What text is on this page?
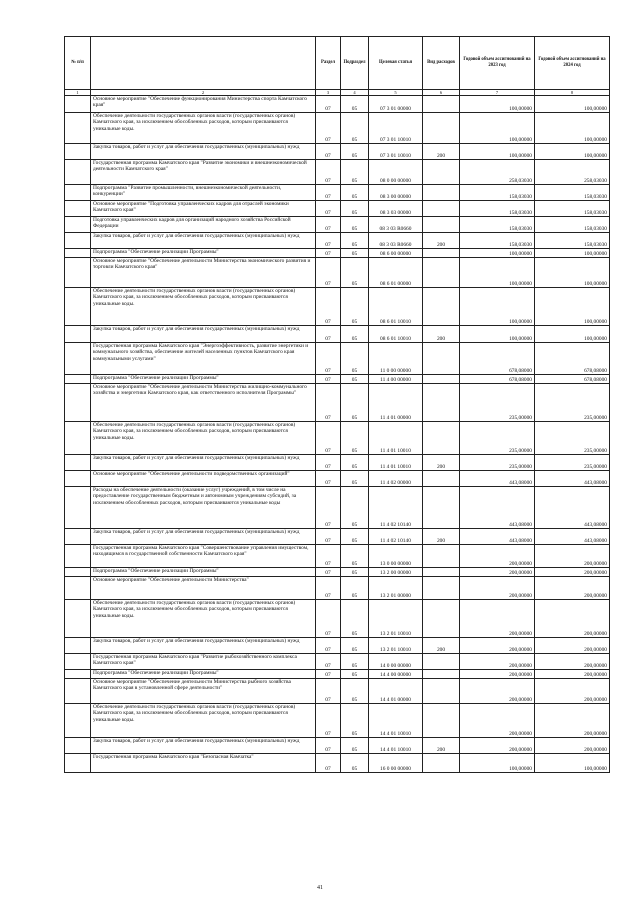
№ п/п		Раздел	Подраздел	Целевая статья	Вид расходов	Годовой объем ассигнований на 2023 год	Годовой объем ассигнований на 2024 год
1	2	3	4	5	6	7	8
	Основное мероприятие "Обеспечение функционирования Министерства спорта Камчатского края"	07	05	07 3 01 00000		100,00000	100,00000
	Обеспечение деятельности государственных органов власти (государственных органов) Камчатского края, за исключением обособленных расходов, которым присваиваются уникальные коды.	07	05	07 3 01 10010		100,00000	100,00000
	Закупка товаров, работ и услуг для обеспечения государственных (муниципальных) нужд	07	05	07 3 01 10010	200	100,00000	100,00000
	Государственная программа Камчатского края "Развитие экономики и внешнеэкономической деятельности Камчатского края"	07	05	08 0 00 00000		258,03030	258,03030
	Подпрограмма "Развитие промышленности, внешнеэкономической деятельности, конкуренции"	07	05	08 3 00 00000		158,03030	158,03030
	Основное мероприятие "Подготовка управленческих кадров для отраслей экономики Камчатского края"	07	05	08 3 03 00000		158,03030	158,03030
	Подготовка управленческих кадров для организаций народного хозяйства Российской Федерации	07	05	08 3 03 R0660		158,03030	158,03030
	Закупка товаров, работ и услуг для обеспечения государственных (муниципальных) нужд	07	05	08 3 03 R0660	200	158,03030	158,03030
	Подпрограмма "Обеспечение реализации Программы"	07	05	08 6 00 00000		100,00000	100,00000
	Основное мероприятие "Обеспечение деятельности Министерства экономического развития и торговли Камчатского края"	07	05	08 6 01 00000		100,00000	100,00000
	Обеспечение деятельности государственных органов власти (государственных органов) Камчатского края, за исключением обособленных расходов, которым присваиваются уникальные коды.	07	05	08 6 01 10010		100,00000	100,00000
	Закупка товаров, работ и услуг для обеспечения государственных (муниципальных) нужд	07	05	08 6 01 10010	200	100,00000	100,00000
	Государственная программа Камчатского края "Энергоэффективность, развитие энергетики и коммунального хозяйства, обеспечение жителей населенных пунктов Камчатского края коммунальными услугами"	07	05	11 0 00 00000		678,08000	678,08000
	Подпрограмма "Обеспечение реализации Программы"	07	05	11 4 00 00000		678,08000	678,08000
	Основное мероприятие "Обеспечение деятельности Министерства жилищно-коммунального хозяйства и энергетики Камчатского края, как ответственного исполнителя Программы"	07	05	11 4 01 00000		235,00000	235,00000
	Обеспечение деятельности государственных органов власти (государственных органов) Камчатского края, за исключением обособленных расходов, которым присваиваются уникальные коды.	07	05	11 4 01 10010		235,00000	235,00000
	Закупка товаров, работ и услуг для обеспечения государственных (муниципальных) нужд	07	05	11 4 01 10010	200	235,00000	235,00000
	Основное мероприятие "Обеспечение деятельности подведомственных организаций"	07	05	11 4 02 00000		443,08000	443,08000
	Расходы на обеспечение деятельности (оказание услуг) учреждений, в том числе на предоставление государственным бюджетным и автономным учреждениям субсидий, за исключением обособленных расходов, которым присваиваются уникальные коды	07	05	11 4 02 10140		443,08000	443,08000
	Закупка товаров, работ и услуг для обеспечения государственных (муниципальных) нужд	07	05	11 4 02 10140	200	443,08000	443,08000
	Государственная программа Камчатского края "Совершенствование управления имуществом, находящимся в государственной собственности Камчатского края"	07	05	13 0 00 00000		200,00000	200,00000
	Подпрограмма "Обеспечение реализации Программы"	07	05	13 2 00 00000		200,00000	200,00000
	Основное мероприятие "Обеспечение деятельности Министерства"	07	05	13 2 01 00000		200,00000	200,00000
	Обеспечение деятельности государственных органов власти (государственных органов) Камчатского края, за исключением обособленных расходов, которым присваиваются уникальные коды.	07	05	13 2 01 10010		200,00000	200,00000
	Закупка товаров, работ и услуг для обеспечения государственных (муниципальных) нужд	07	05	13 2 01 10010	200	200,00000	200,00000
	Государственная программа Камчатского края "Развитие рыбохозяйственного комплекса Камчатского края"	07	05	14 0 00 00000		200,00000	200,00000
	Подпрограмма "Обеспечение реализации Программы"	07	05	14 4 00 00000		200,00000	200,00000
	Основное мероприятие "Обеспечение деятельности Министерства рыбного хозяйства Камчатского края в установленной сфере деятельности"	07	05	14 4 01 00000		200,00000	200,00000
	Обеспечение деятельности государственных органов власти (государственных органов) Камчатского края, за исключением обособленных расходов, которым присваиваются уникальные коды.	07	05	14 4 01 10010		200,00000	200,00000
	Закупка товаров, работ и услуг для обеспечения государственных (муниципальных) нужд	07	05	14 4 01 10010	200	200,00000	200,00000
	Государственная программа Камчатского края "Безопасная Камчатка"	07	05	16 0 00 00000		100,00000	100,00000
41
